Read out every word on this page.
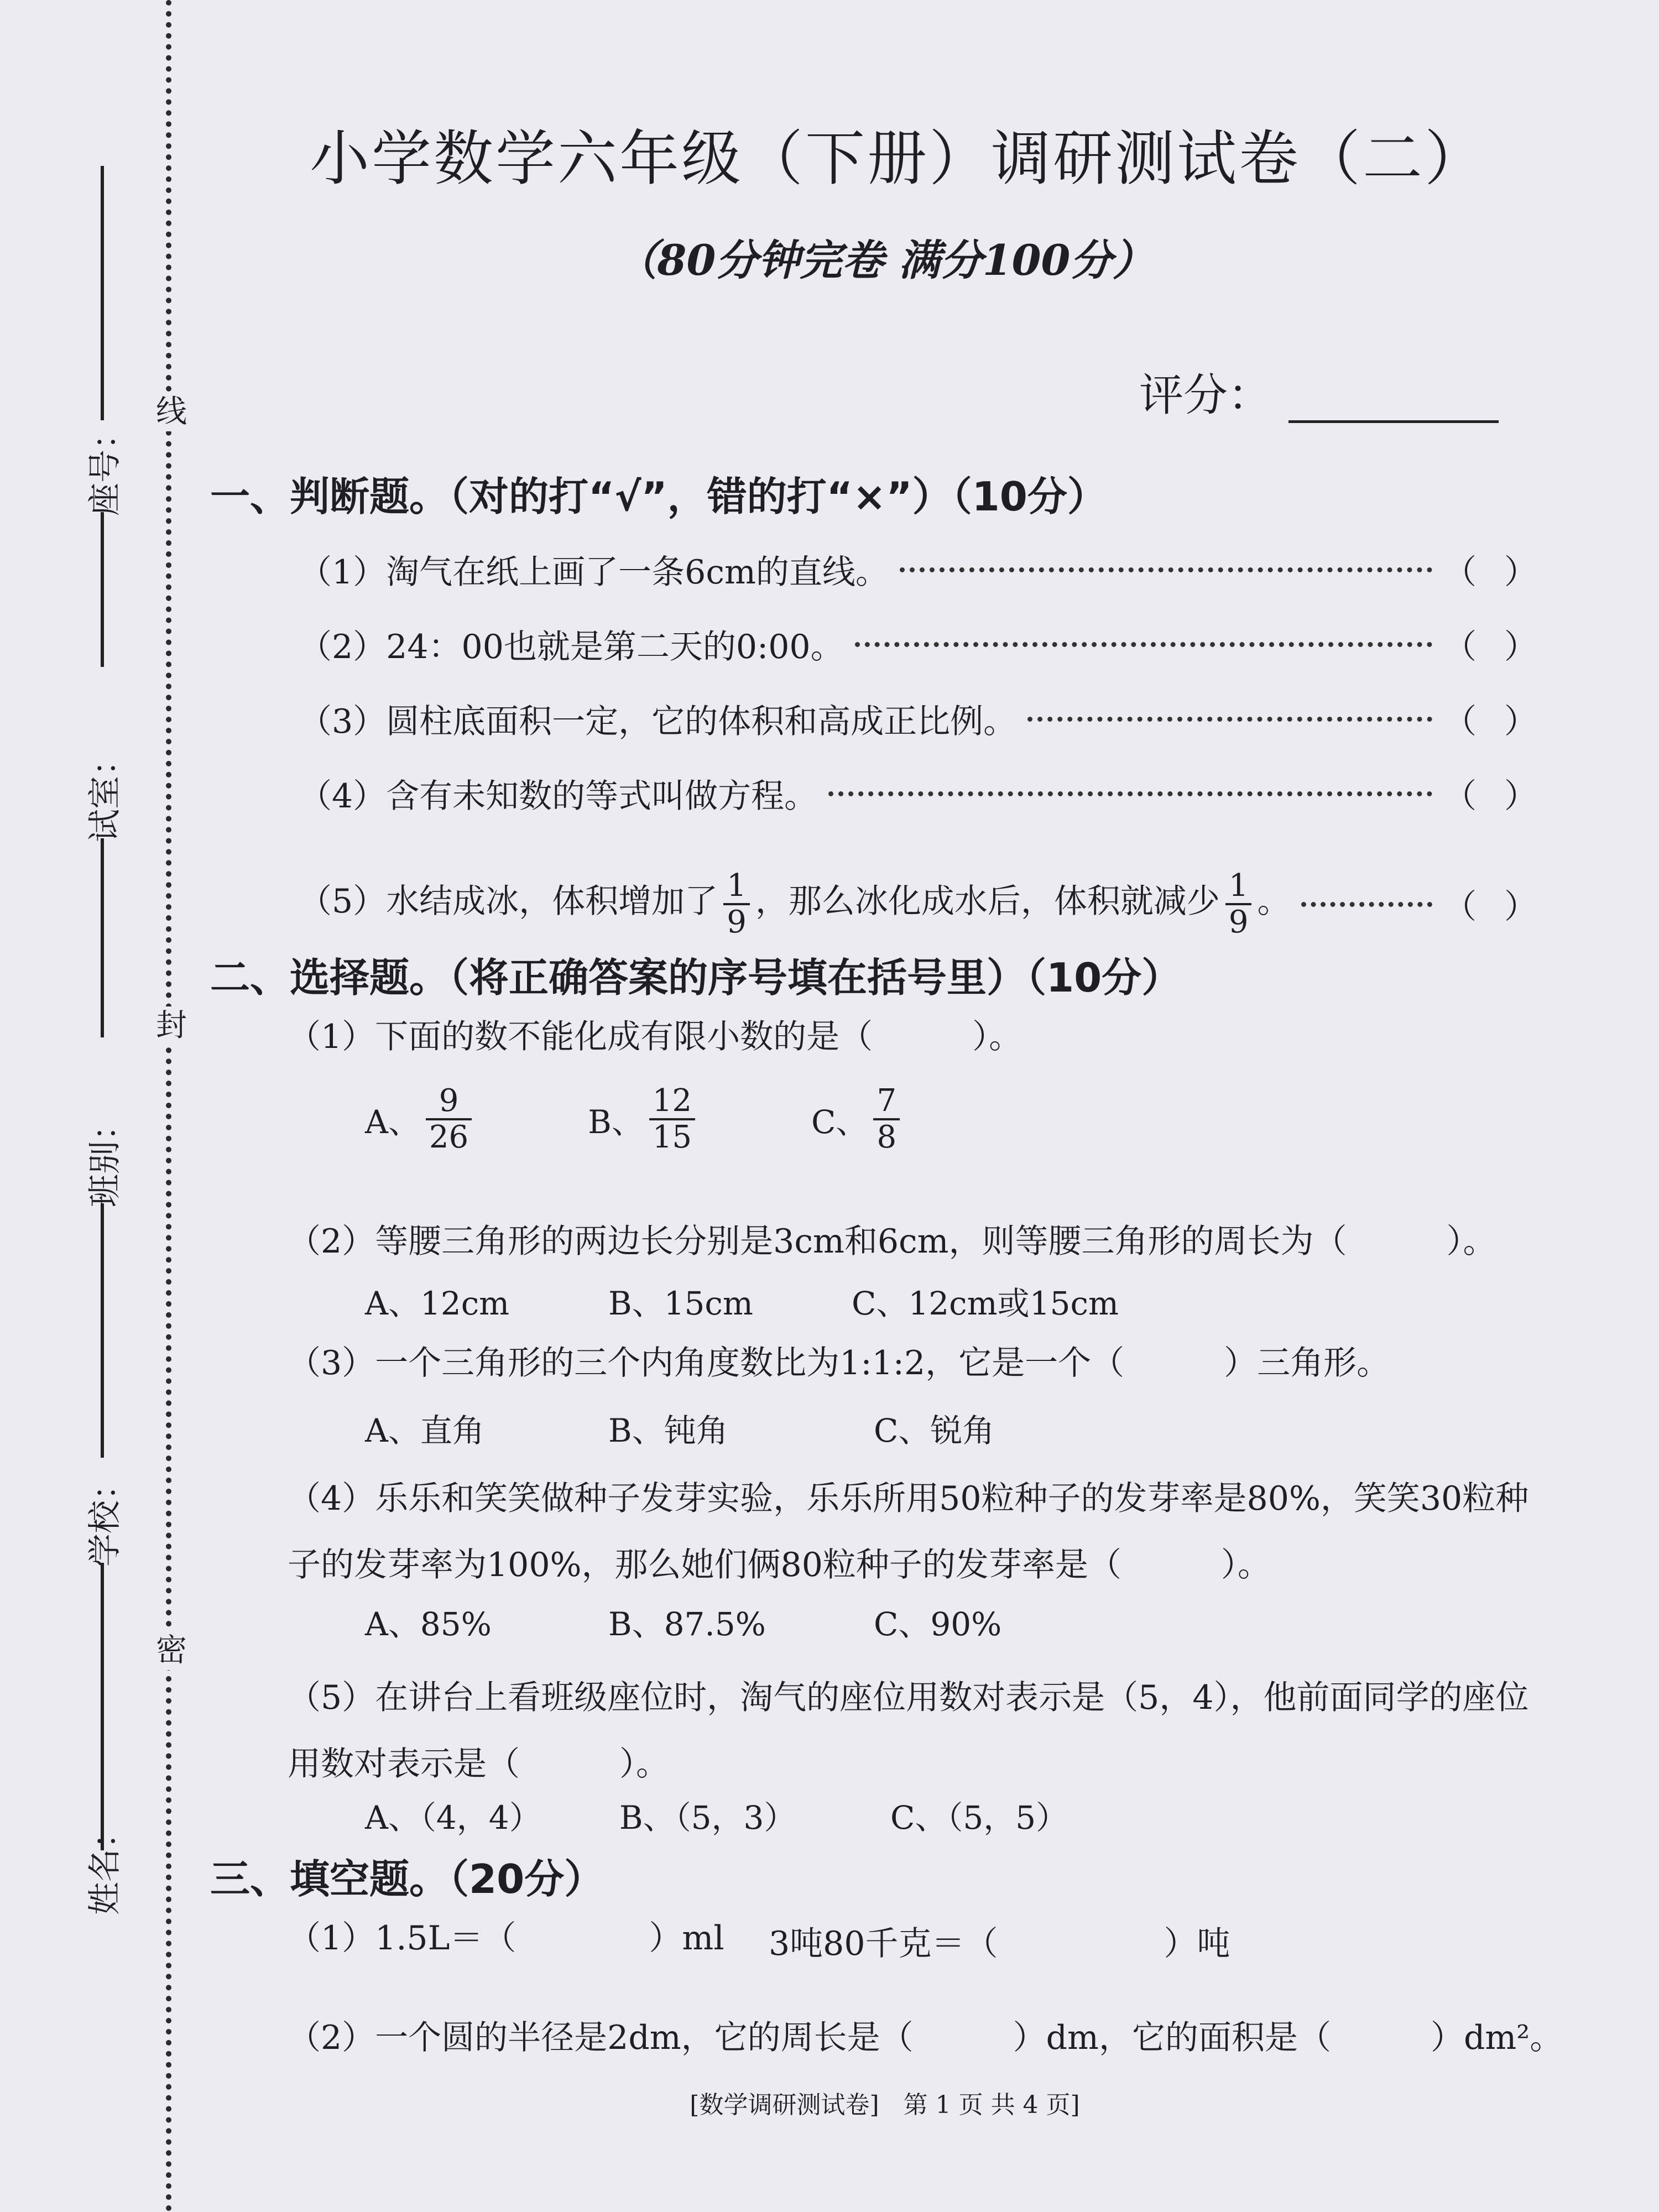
线
封
密
座号：
试室：
班别：
学校：
姓名：
小学数学六年级（下册）调研测试卷（二）
（80分钟完卷 满分100分）
评分：
一、判断题。（对的打“√”，错的打“×”）（10分）
（1）淘气在纸上画了一条6cm的直线。	（ ）
（2）24：00也就是第二天的0:00。	（ ）
（3）圆柱底面积一定，它的体积和高成正比例。	（ ）
（4）含有未知数的等式叫做方程。	（ ）
（5）水结成冰，体积增加了 $\frac{1}{9}$ ，那么冰化成水后，体积就减少 $\frac{1}{9}$ 。	（ ）
二、选择题。（将正确答案的序号填在括号里）（10分）
（1）下面的数不能化成有限小数的是（　　　）。
A、 $\frac{9}{26}$	B、 $\frac{12}{15}$	C、 $\frac{7}{8}$
（2）等腰三角形的两边长分别是3cm和6cm，则等腰三角形的周长为（　　　）。
A、12cm	B、15cm	C、12cm或15cm
（3）一个三角形的三个内角度数比为1:1:2，它是一个（　　　）三角形。
A、直角	B、钝角	C、锐角
（4）乐乐和笑笑做种子发芽实验，乐乐所用50粒种子的发芽率是80%，笑笑30粒种子的发芽率为100%，那么她们俩80粒种子的发芽率是（　　　）。
A、85%	B、87.5%	C、90%
（5）在讲台上看班级座位时，淘气的座位用数对表示是（5，4），他前面同学的座位用数对表示是（　　　）。
A、（4，4）	B、（5，3）	C、（5，5）
三、填空题。（20分）
（1）1.5L＝（　　　　）ml 3吨80千克＝（　　　　　）吨
（2）一个圆的半径是2dm，它的周长是（　　　）dm，它的面积是（　　　）dm²。
[数学调研测试卷]　第 1 页 共 4 页]
